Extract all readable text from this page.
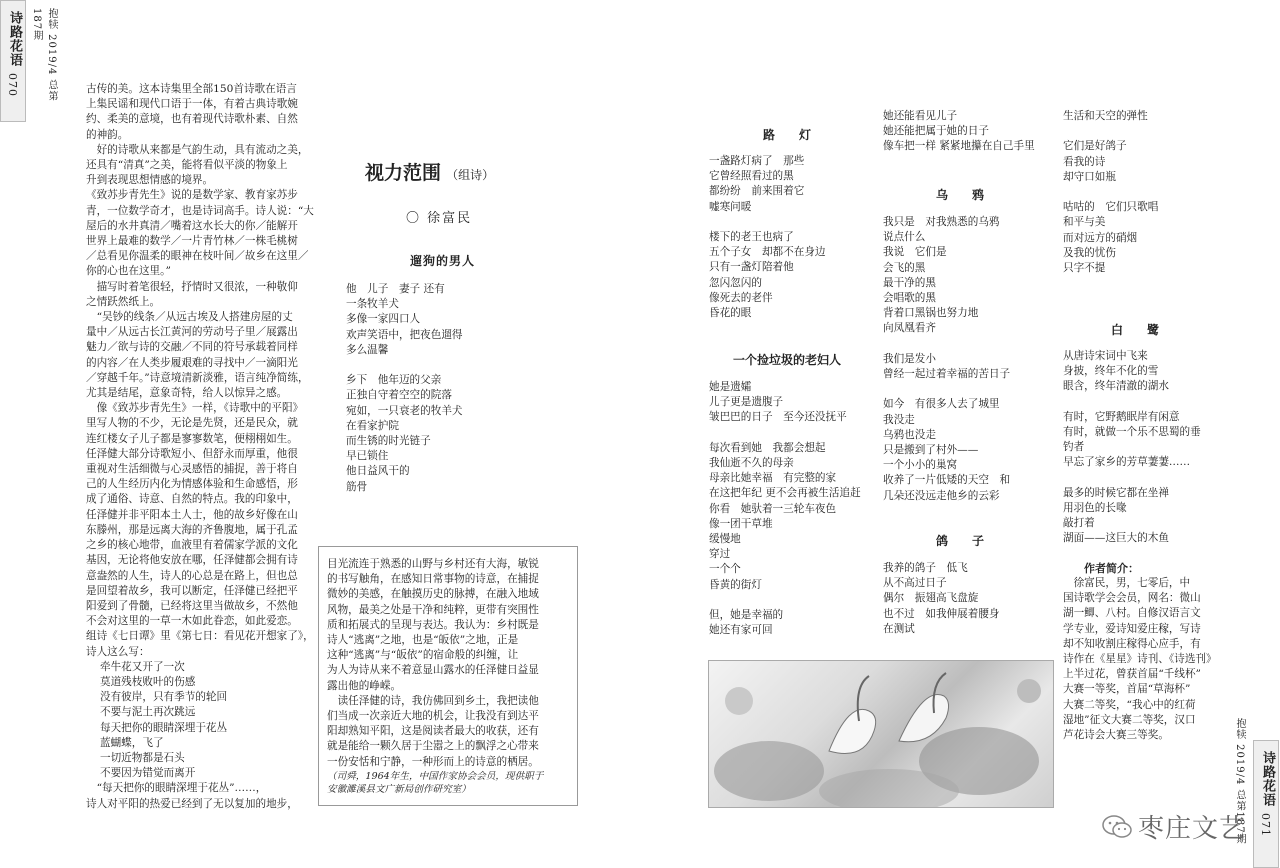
诗路花语
070	抱犊 2019/4 总第187期
诗路花语
071
抱犊 2019/4 总第187期
古传的美。这本诗集里全部150首诗歌在语言
上集民谣和现代口语于一体，有着古典诗歌婉
约、柔美的意境，也有着现代诗歌朴素、自然
的神韵。
　好的诗歌从来都是气韵生动，具有流动之美，
还具有“清真”之美，能将看似平淡的物象上
升到表现思想情感的境界。
《致苏步青先生》说的是数学家、教育家苏步
青，一位数学奇才，也是诗词高手。诗人说：“大
屋后的水井真清／嘴着这水长大的你／能解开
世界上最难的数学／一片青竹林／一株毛桃树
／总看见你温柔的眼神在枝叶间／故乡在这里／
你的心也在这里。”
　描写时着笔很轻，抒情时又很浓，一种敬仰
之情跃然纸上。
　“吴钞的线条／从远古埃及人搭建房屋的丈
量中／从远古长江黄河的劳动号子里／展露出
魅力／欲与诗的交融／不同的符号承载着同样
的内容／在人类步履艰难的寻找中／一滴阳光
／穿越千年。”诗意境清新淡雅，语言纯净简练，
尤其是结尾，意象奇特，给人以惊异之感。
　像《致苏步青先生》一样，《诗歌中的平阳》
里写人物的不少，无论是先贤，还是民众，就
连红楼女子儿子都是寥寥数笔，便栩栩如生。
任泽健大部分诗歌短小、但舒永而厚重，他很
重视对生活细微与心灵感悟的捕捉，善于将自
己的人生经历内化为情感体验和生命感悟，形
成了通俗、诗意、自然的特点。我的印象中，
任泽健并非平阳本土人士，他的故乡好像在山
东滕州，那是远离大海的齐鲁腹地，属于孔孟
之乡的核心地带，血液里有着儒家学派的文化
基因，无论将他安放在哪，任泽健都会拥有诗
意盎然的人生，诗人的心总是在路上，但也总
是回望着故乡，我可以断定，任泽健已经把平
阳爱到了骨髓，已经将这里当做故乡，不然他
不会对这里的一草一木如此眷恋，如此爱恋。
组诗《七日谭》里《第七日：看见花开想家了》，
诗人这么写：
牵牛花又开了一次
莫道残枝败叶的伤感
没有彼岸，只有季节的轮回
不要与泥土再次跳远
每天把你的眼睛深埋于花丛
蓝蝴蝶，飞了
一切近物都是石头
不要因为错觉而离开
　“每天把你的眼睛深埋于花丛”……，
诗人对平阳的热爱已经到了无以复加的地步，
目光流连于熟悉的山野与乡村还有大海，敏锐
的书写触角，在感知日常事物的诗意，在捕捉
微妙的美感，在触摸历史的脉搏，在融入地域
风物，最美之处是干净和纯粹，更带有突围性
质和拓展式的呈现与表达。我认为：乡村既是
诗人“逃离”之地，也是“皈依”之地，正是
这种“逃离”与“皈依”的宿命般的纠缠，让
为人为诗从来不着意显山露水的任泽健日益显
露出他的峥嵘。
　读任泽健的诗，我仿佛回到乡土，我把读他
们当成一次亲近大地的机会，让我没有到达平
阳却熟知平阳，这是阅读者最大的收获，还有
就是能给一颗久居于尘嚣之上的飘浮之心带来
一份安恬和宁静，一种形而上的诗意的栖居。
（司舜，1964年生，中国作家协会会员，现供职于
安徽濉溪县文广新局创作研究室）
视力范围 （组诗）
〇 徐富民
遛狗的男人
他　儿子　妻子 还有
一条牧羊犬
多像一家四口人
欢声笑语中，把夜色遛得
多么温馨

乡下　他年迈的父亲
正独自守着空空的院落
宛如，一只衰老的牧羊犬
在看家护院
而生锈的时光链子
早已锁住
他日益风干的
筋骨
路　灯
一盏路灯病了　那些
它曾经照看过的黑
都纷纷　前来围着它
嘘寒问暖

楼下的老王也病了
五个子女　却都不在身边
只有一盏灯陪着他
忽闪忽闪的
像死去的老伴
昏花的眼
一个捡垃圾的老妇人
她是遗孀
儿子更是遗腹子
皱巴巴的日子　至今还没抚平

每次看到她　我都会想起
我仙逝不久的母亲
母亲比她幸福　有完整的家
在这把年纪 更不会再被生活追赶
你看　她驮着一三轮车夜色
像一团干草堆
缓慢地
穿过
一个个
昏黄的街灯

但，她是幸福的
她还有家可回
她还能看见儿子
她还能把属于她的日子
像车把一样 紧紧地攥在自己手里
乌　鸦
我只是　对我熟悉的乌鸦
说点什么
我说　它们是
会飞的黑
最干净的黑
会唱歌的黑
背着口黑锅也努力地
向凤凰看齐

我们是发小
曾经一起过着幸福的苦日子

如今　有很多人去了城里
我没走
乌鸦也没走
只是搬到了村外——
一个小小的巢窝
收养了一片低矮的天空　和
几朵还没远走他乡的云彩
鸽　子
我养的鸽子　低飞
从不高过日子
偶尔　振翅高飞盘旋
也不过　如我伸展着腰身
在测试
生活和天空的弹性

它们是好鸽子
看我的诗
却守口如瓶

咕咕的　它们只歌唱
和平与美
而对远方的硝烟
及我的忧伤
只字不提
白　鹭
从唐诗宋词中飞来
身披，终年不化的雪
眼含，终年清澈的湖水

有时，它野鹅眠岸有闲意
有时，就做一个乐不思蜀的垂
钓者
早忘了家乡的芳草萋萋……

最多的时候它都在坐禅
用羽色的长喙
敲打着
湖面——这巨大的木鱼
作者简介：
　徐富民，男，七零后，中
国诗歌学会会员，网名：微山
湖一鲫、八村。自修汉语言文
学专业，爱诗知爱庄稼，写诗
却不知收割庄稼得心应手，有
诗作在《星星》诗刊、《诗选刊》
上半过花，曾获首届“千线杯”
大赛一等奖，首届“草海杯”
大赛二等奖，“我心中的红荷
湿地”征文大赛二等奖，汉口
芦花诗会大赛三等奖。
枣庄文艺
